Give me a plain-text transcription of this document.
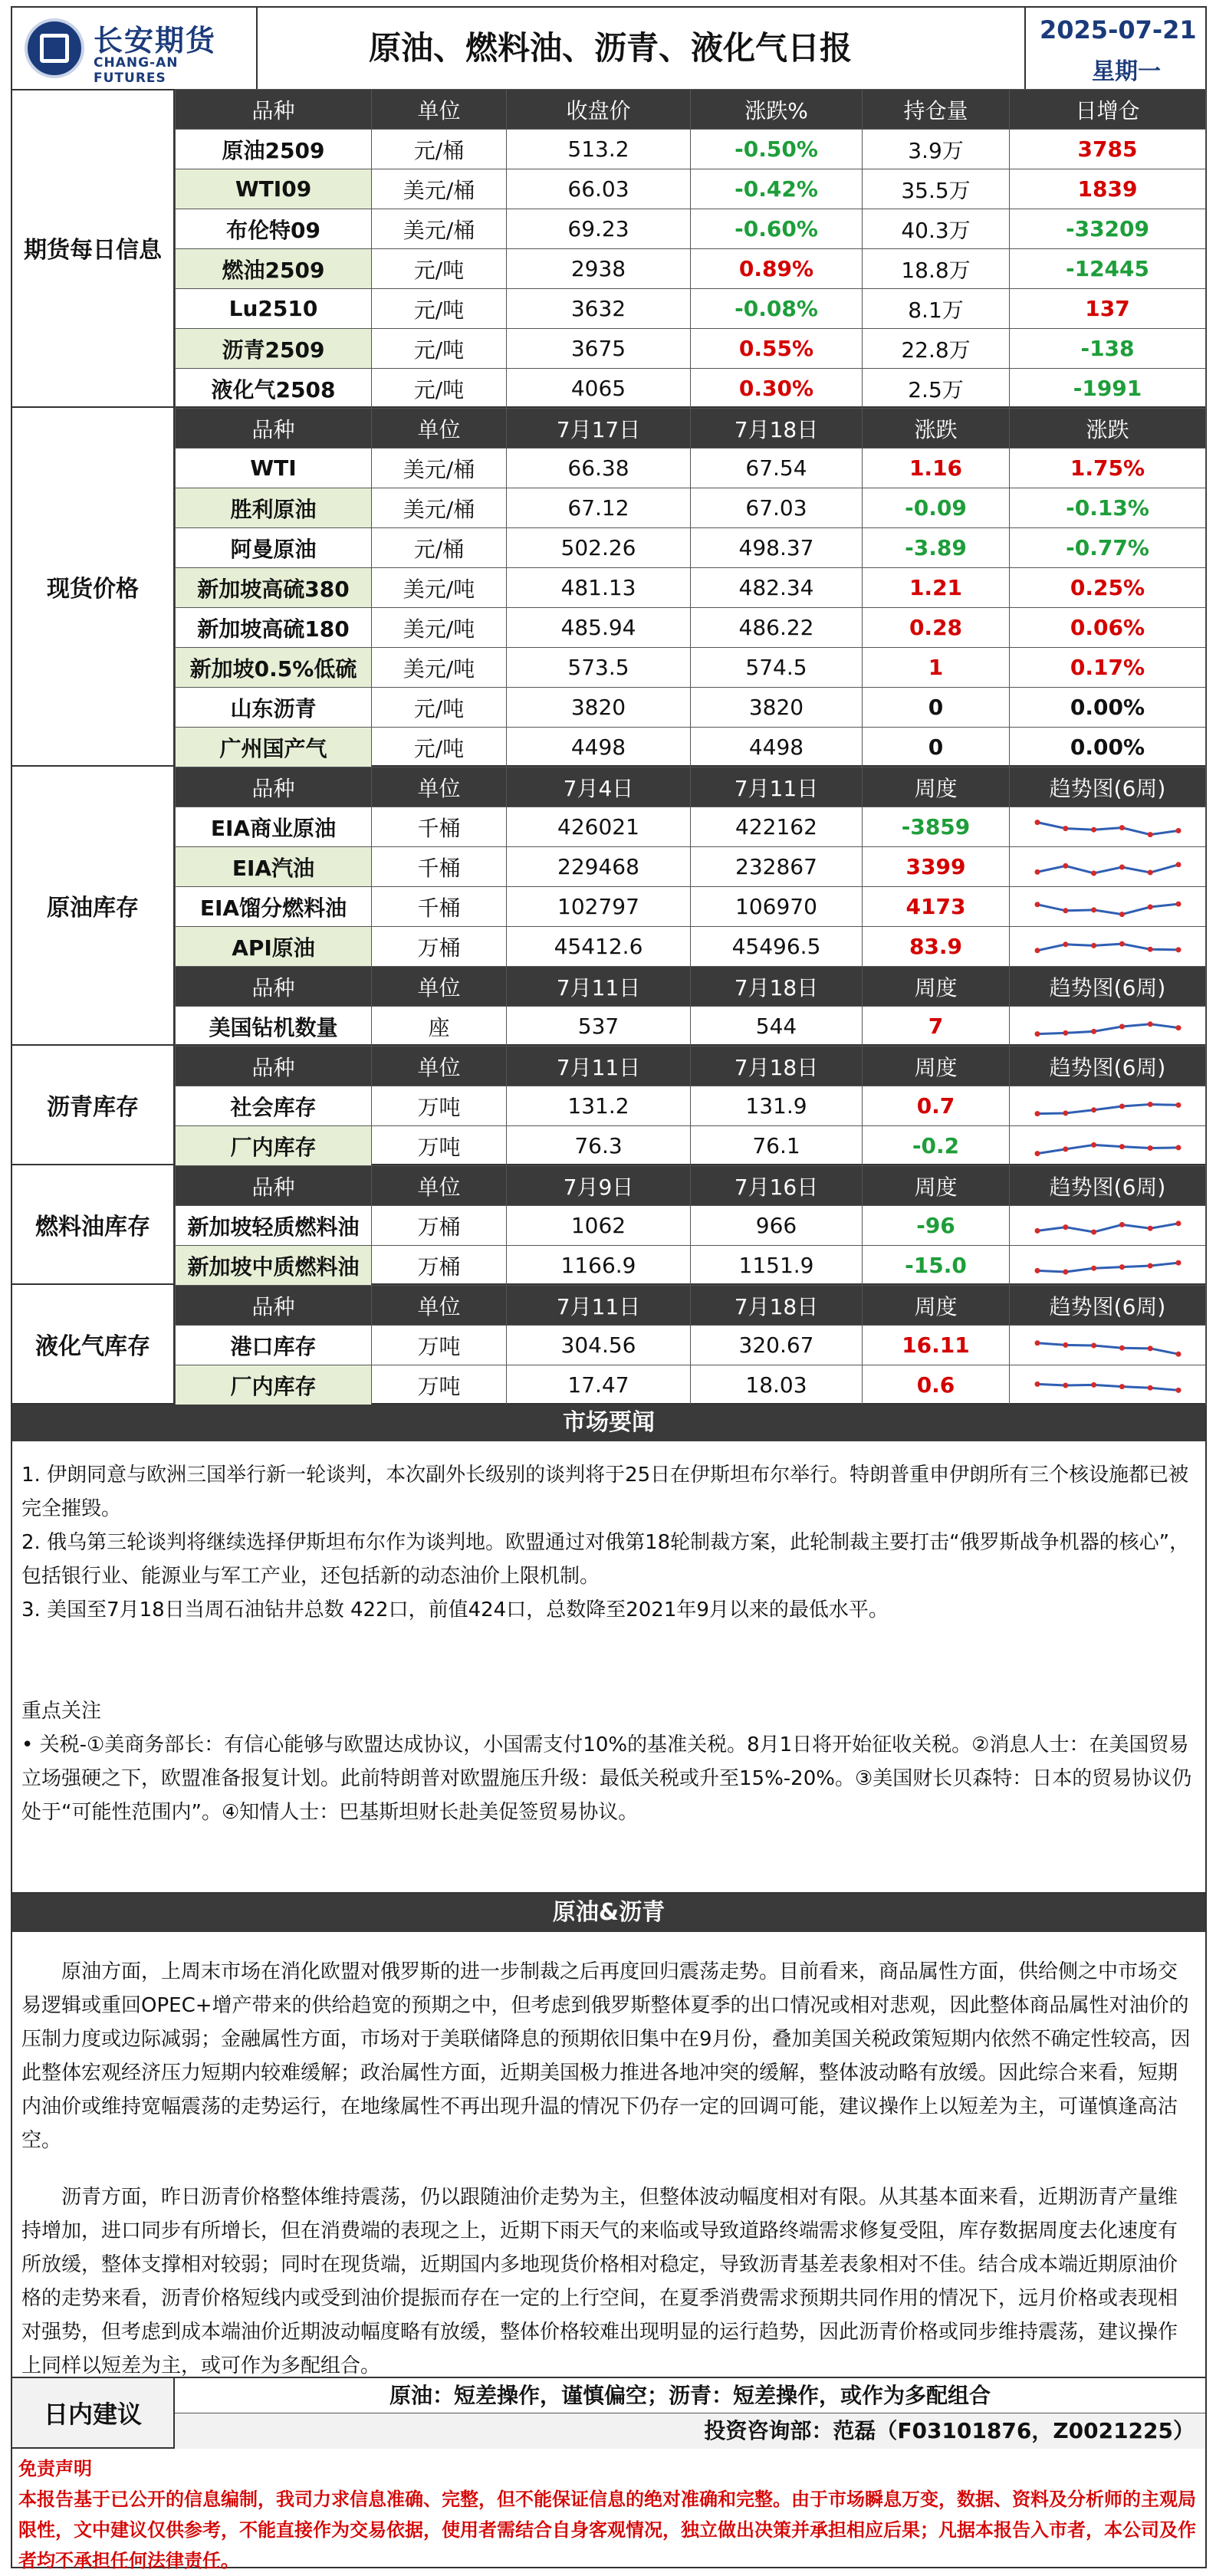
长安期货
CHANG-AN FUTURES
原油、燃料油、沥青、液化气日报	2025-07-21
星期一
期货每日信息
品种	单位	收盘价	涨跌%	持仓量	日增仓
原油2509	元/桶	513.2	-0.50%	3.9万	3785
WTI09	美元/桶	66.03	-0.42%	35.5万	1839
布伦特09	美元/桶	69.23	-0.60%	40.3万	-33209
燃油2509	元/吨	2938	0.89%	18.8万	-12445
Lu2510	元/吨	3632	-0.08%	8.1万	137
沥青2509	元/吨	3675	0.55%	22.8万	-138
液化气2508	元/吨	4065	0.30%	2.5万	-1991
现货价格
品种	单位	7月17日	7月18日	涨跌	涨跌
WTI	美元/桶	66.38	67.54	1.16	1.75%
胜利原油	美元/桶	67.12	67.03	-0.09	-0.13%
阿曼原油	元/桶	502.26	498.37	-3.89	-0.77%
新加坡高硫380	美元/吨	481.13	482.34	1.21	0.25%
新加坡高硫180	美元/吨	485.94	486.22	0.28	0.06%
新加坡0.5%低硫	美元/吨	573.5	574.5	1	0.17%
山东沥青	元/吨	3820	3820	0	0.00%
广州国产气	元/吨	4498	4498	0	0.00%
原油库存
品种	单位	7月4日	7月11日	周度	趋势图(6周)
EIA商业原油	千桶	426021	422162	-3859	

EIA汽油	千桶	229468	232867	3399	

EIA馏分燃料油	千桶	102797	106970	4173	

API原油	万桶	45412.6	45496.5	83.9	

品种	单位	7月11日	7月18日	周度	趋势图(6周)
美国钻机数量	座	537	544	7	
沥青库存
品种	单位	7月11日	7月18日	周度	趋势图(6周)
社会库存	万吨	131.2	131.9	0.7	

厂内库存	万吨	76.3	76.1	-0.2	
燃料油库存
品种	单位	7月9日	7月16日	周度	趋势图(6周)
新加坡轻质燃料油	万桶	1062	966	-96	

新加坡中质燃料油	万桶	1166.9	1151.9	-15.0	
液化气库存
品种	单位	7月11日	7月18日	周度	趋势图(6周)
港口库存	万吨	304.56	320.67	16.11	

厂内库存	万吨	17.47	18.03	0.6	
市场要闻

1. 伊朗同意与欧洲三国举行新一轮谈判，本次副外长级别的谈判将于25日在伊斯坦布尔举行。特朗普重申伊朗所有三个核设施都已被完全摧毁。

2. 俄乌第三轮谈判将继续选择伊斯坦布尔作为谈判地。欧盟通过对俄第18轮制裁方案，此轮制裁主要打击“俄罗斯战争机器的核心”，包括银行业、能源业与军工产业，还包括新的动态油价上限机制。

3. 美国至7月18日当周石油钻井总数 422口，前值424口，总数降至2021年9月以来的最低水平。

重点关注

• 关税-①美商务部长：有信心能够与欧盟达成协议，小国需支付10%的基准关税。8月1日将开始征收关税。②消息人士：在美国贸易立场强硬之下，欧盟准备报复计划。此前特朗普对欧盟施压升级：最低关税或升至15%-20%。③美国财长贝森特：日本的贸易协议仍处于“可能性范围内”。④知情人士：巴基斯坦财长赴美促签贸易协议。

原油&沥青

原油方面，上周末市场在消化欧盟对俄罗斯的进一步制裁之后再度回归震荡走势。目前看来，商品属性方面，供给侧之中市场交易逻辑或重回OPEC+增产带来的供给趋宽的预期之中，但考虑到俄罗斯整体夏季的出口情况或相对悲观，因此整体商品属性对油价的压制力度或边际减弱；金融属性方面，市场对于美联储降息的预期依旧集中在9月份，叠加美国关税政策短期内依然不确定性较高，因此整体宏观经济压力短期内较难缓解；政治属性方面，近期美国极力推进各地冲突的缓解，整体波动略有放缓。因此综合来看，短期内油价或维持宽幅震荡的走势运行，在地缘属性不再出现升温的情况下仍存一定的回调可能，建议操作上以短差为主，可谨慎逢高沽空。

沥青方面，昨日沥青价格整体维持震荡，仍以跟随油价走势为主，但整体波动幅度相对有限。从其基本面来看，近期沥青产量维持增加，进口同步有所增长，但在消费端的表现之上，近期下雨天气的来临或导致道路终端需求修复受阻，库存数据周度去化速度有所放缓，整体支撑相对较弱；同时在现货端，近期国内多地现货价格相对稳定，导致沥青基差表象相对不佳。结合成本端近期原油价格的走势来看，沥青价格短线内或受到油价提振而存在一定的上行空间，在夏季消费需求预期共同作用的情况下，远月价格或表现相对强势，但考虑到成本端油价近期波动幅度略有放缓，整体价格较难出现明显的运行趋势，因此沥青价格或同步维持震荡，建议操作上同样以短差为主，或可作为多配组合。

日内建议
原油：短差操作，谨慎偏空；沥青：短差操作，或作为多配组合
投资咨询部：范磊（F03101876，Z0021225）
免责声明
本报告基于已公开的信息编制，我司力求信息准确、完整，但不能保证信息的绝对准确和完整。由于市场瞬息万变，数据、资料及分析师的主观局限性，文中建议仅供参考，不能直接作为交易依据，使用者需结合自身客观情况，独立做出决策并承担相应后果；凡据本报告入市者，本公司及作者均不承担任何法律责任。
